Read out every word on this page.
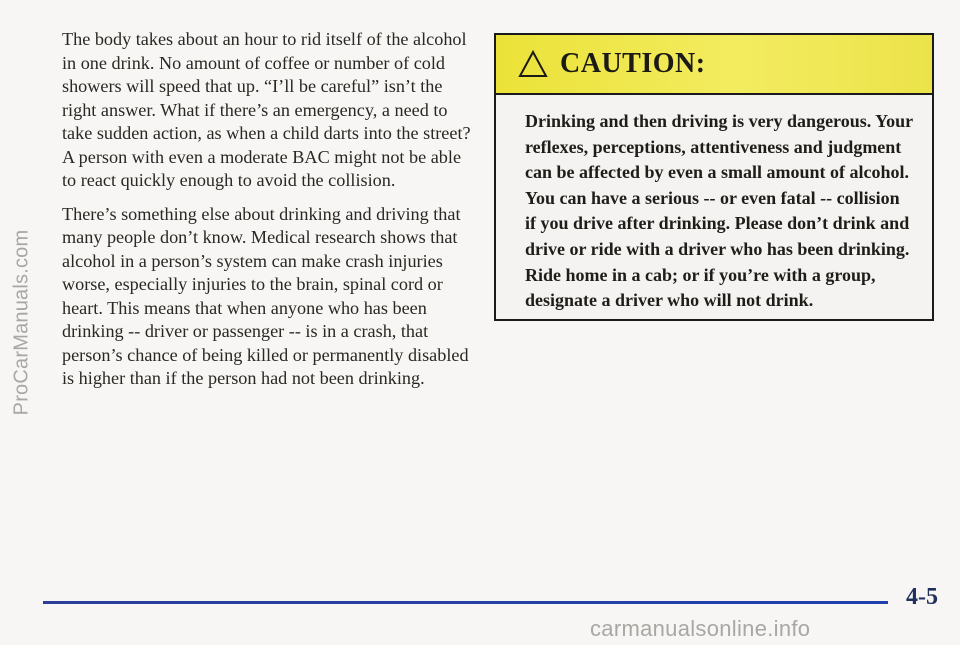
ProCarManuals.com

The body takes about an hour to rid itself of the alcohol in one drink. No amount of coffee or number of cold showers will speed that up. “I’ll be careful” isn’t the right answer. What if there’s an emergency, a need to take sudden action, as when a child darts into the street? A person with even a moderate BAC might not be able to react quickly enough to avoid the collision.

There’s something else about drinking and driving that many people don’t know. Medical research shows that alcohol in a person’s system can make crash injuries worse, especially injuries to the brain, spinal cord or heart. This means that when anyone who has been drinking -- driver or passenger -- is in a crash, that person’s chance of being killed or permanently disabled is higher than if the person had not been drinking.

CAUTION:
Drinking and then driving is very dangerous. Your reflexes, perceptions, attentiveness and judgment can be affected by even a small amount of alcohol. You can have a serious -- or even fatal -- collision if you drive after drinking. Please don’t drink and drive or ride with a driver who has been drinking. Ride home in a cab; or if you’re with a group, designate a driver who will not drink.
4-5
carmanualsonline.info
